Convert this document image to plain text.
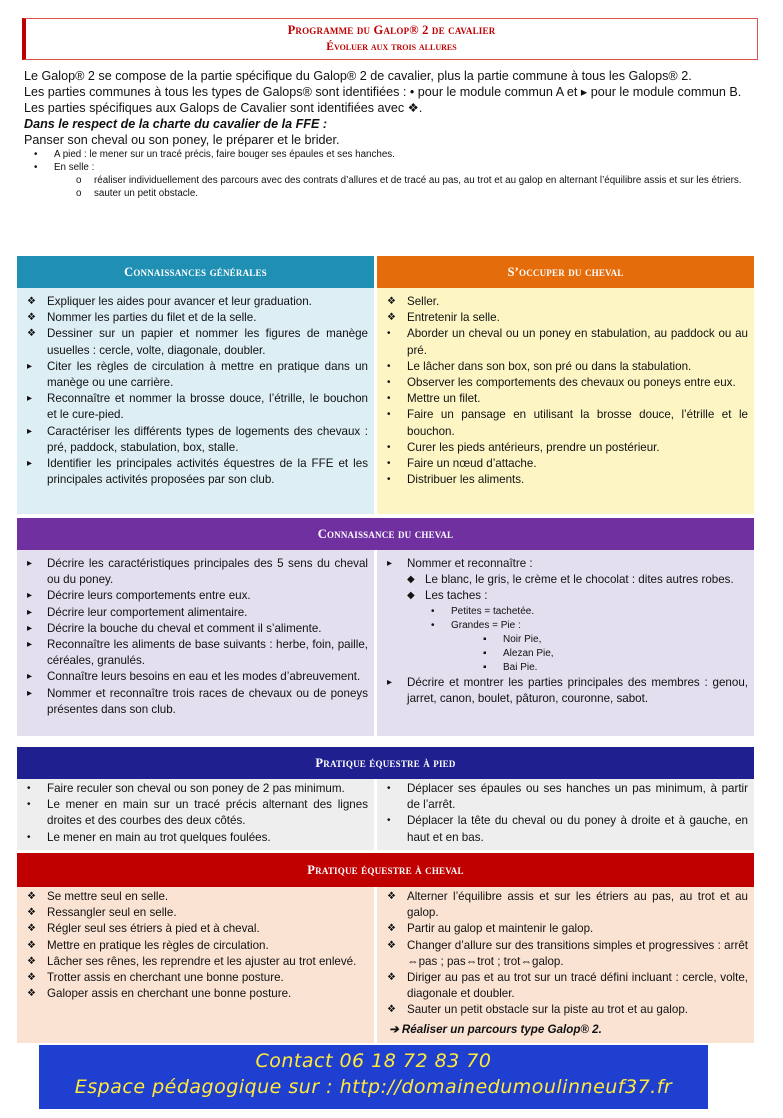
Programme du Galop® 2 de cavalier
Évoluer aux trois allures

Le Galop® 2 se compose de la partie spécifique du Galop® 2 de cavalier, plus la partie commune à tous les Galops® 2.

Les parties communes à tous les types de Galops® sont identifiées : • pour le module commun A et ▸ pour le module commun B.

Les parties spécifiques aux Galops de Cavalier sont identifiées avec ❖.

Dans le respect de la charte du cavalier de la FFE :

Panser son cheval ou son poney, le préparer et le brider.

• A pied : le mener sur un tracé précis, faire bouger ses épaules et ses hanches.
• En selle :
o réaliser individuellement des parcours avec des contrats d’allures et de tracé au pas, au trot et au galop en alternant l’équilibre assis et sur les étriers.
o sauter un petit obstacle.
Connaissances générales	S’occuper du cheval
❖ Expliquer les aides pour avancer et leur graduation.
❖ Nommer les parties du filet et de la selle.
❖ Dessiner sur un papier et nommer les figures de manège usuelles : cercle, volte, diagonale, doubler.
▸ Citer les règles de circulation à mettre en pratique dans un manège ou une carrière.
▸ Reconnaître et nommer la brosse douce, l’étrille, le bouchon et le cure-pied.
▸ Caractériser les différents types de logements des chevaux : pré, paddock, stabulation, box, stalle.
▸ Identifier les principales activités équestres de la FFE et les principales activités proposées par son club.
❖ Seller.
❖ Entretenir la selle.
• Aborder un cheval ou un poney en stabulation, au paddock ou au pré.
• Le lâcher dans son box, son pré ou dans la stabulation.
• Observer les comportements des chevaux ou poneys entre eux.
• Mettre un filet.
• Faire un pansage en utilisant la brosse douce, l’étrille et le bouchon.
• Curer les pieds antérieurs, prendre un postérieur.
• Faire un nœud d’attache.
• Distribuer les aliments.
Connaissance du cheval
▸ Décrire les caractéristiques principales des 5 sens du cheval ou du poney.
▸ Décrire leurs comportements entre eux.
▸ Décrire leur comportement alimentaire.
▸ Décrire la bouche du cheval et comment il s’alimente.
▸ Reconnaître les aliments de base suivants : herbe, foin, paille, céréales, granulés.
▸ Connaître leurs besoins en eau et les modes d’abreuvement.
▸ Nommer et reconnaître trois races de chevaux ou de poneys présentes dans son club.
▸ Nommer et reconnaître :
◆ Le blanc, le gris, le crème et le chocolat : dites autres robes.
◆ Les taches :
• Petites = tachetée.
• Grandes = Pie :
▪ Noir Pie,
▪ Alezan Pie,
▪ Bai Pie.
▸ Décrire et montrer les parties principales des membres : genou, jarret, canon, boulet, pâturon, couronne, sabot.
Pratique équestre à pied
• Faire reculer son cheval ou son poney de 2 pas minimum.
• Le mener en main sur un tracé précis alternant des lignes droites et des courbes des deux côtés.
• Le mener en main au trot quelques foulées.
• Déplacer ses épaules ou ses hanches un pas minimum, à partir de l’arrêt.
• Déplacer la tête du cheval ou du poney à droite et à gauche, en haut et en bas.
Pratique équestre à cheval
❖ Se mettre seul en selle.
❖ Ressangler seul en selle.
❖ Régler seul ses étriers à pied et à cheval.
❖ Mettre en pratique les règles de circulation.
❖ Lâcher ses rênes, les reprendre et les ajuster au trot enlevé.
❖ Trotter assis en cherchant une bonne posture.
❖ Galoper assis en cherchant une bonne posture.
❖ Alterner l’équilibre assis et sur les étriers au pas, au trot et au galop.
❖ Partir au galop et maintenir le galop.
❖ Changer d’allure sur des transitions simples et progressives : arrêt ⇔pas ; pas⇔trot ; trot⇔galop.
❖ Diriger au pas et au trot sur un tracé défini incluant : cercle, volte, diagonale et doubler.
❖ Sauter un petit obstacle sur la piste au trot et au galop.
➔ Réaliser un parcours type Galop® 2.
Contact 06 18 72 83 70
Espace pédagogique sur : http://domainedumoulinneuf37.fr
